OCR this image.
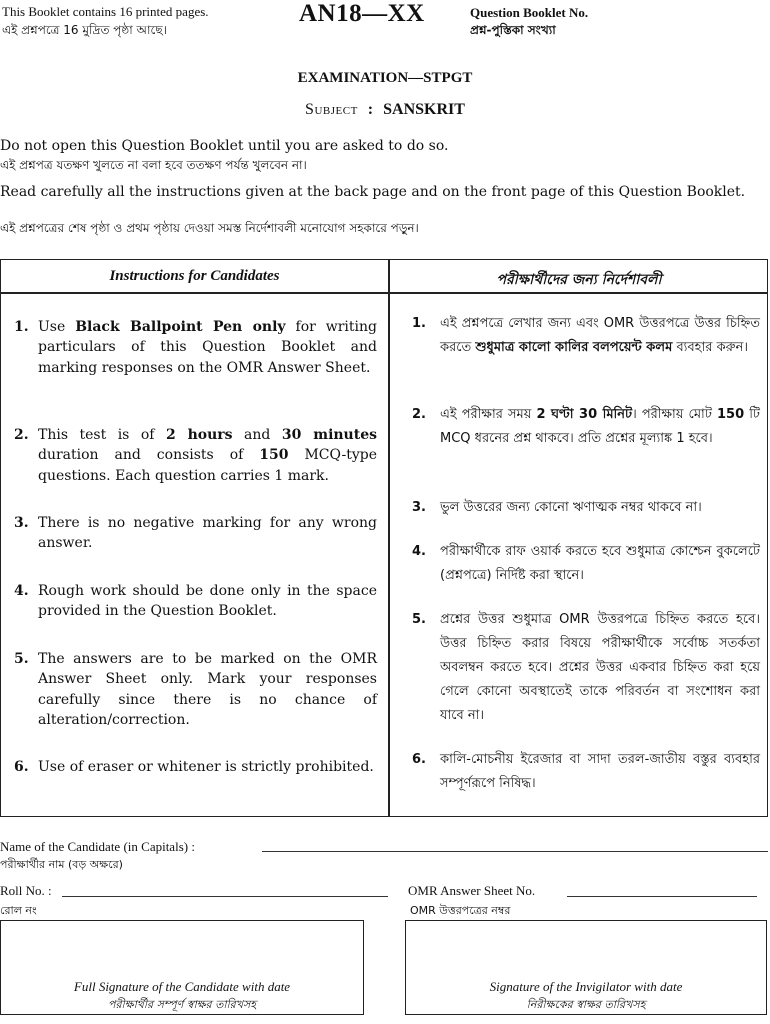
This Booklet contains 16 printed pages.
এই প্রশ্নপত্রে 16 মুদ্রিত পৃষ্ঠা আছে।
AN18—XX	Question Booklet No.
প্রশ্ন-পুস্তিকা সংখ্যা
EXAMINATION—STPGT
Subject : SANSKRIT
Do not open this Question Booklet until you are asked to do so.
এই প্রশ্নপত্র যতক্ষণ খুলতে না বলা হবে ততক্ষণ পর্যন্ত খুলবেন না।
Read carefully all the instructions given at the back page and on the front page of this Question Booklet.
এই প্রশ্নপত্রের শেষ পৃষ্ঠা ও প্রথম পৃষ্ঠায় দেওয়া সমস্ত নির্দেশাবলী মনোযোগ সহকারে পড়ুন।
Instructions for Candidates	পরীক্ষার্থীদের জন্য নির্দেশাবলী
1. Use Black Ballpoint Pen only for writing particulars of this Question Booklet and marking responses on the OMR Answer Sheet.
2. This test is of 2 hours and 30 minutes duration and consists of 150 MCQ-type questions. Each question carries 1 mark.
3. There is no negative marking for any wrong answer.
4. Rough work should be done only in the space provided in the Question Booklet.
5. The answers are to be marked on the OMR Answer Sheet only. Mark your responses carefully since there is no chance of alteration/correction.
6. Use of eraser or whitener is strictly prohibited.
1. এই প্রশ্নপত্রে লেখার জন্য এবং OMR উত্তরপত্রে উত্তর চিহ্নিত করতে শুধুমাত্র কালো কালির বলপয়েন্ট কলম ব্যবহার করুন।
2. এই পরীক্ষার সময় 2 ঘণ্টা 30 মিনিট। পরীক্ষায় মোট 150 টি MCQ ধরনের প্রশ্ন থাকবে। প্রতি প্রশ্নের মূল্যাঙ্ক 1 হবে।
3. ভুল উত্তরের জন্য কোনো ঋণাত্মক নম্বর থাকবে না।
4. পরীক্ষার্থীকে রাফ ওয়ার্ক করতে হবে শুধুমাত্র কোশ্চেন বুকলেটে (প্রশ্নপত্রে) নির্দিষ্ট করা স্থানে।
5. প্রশ্নের উত্তর শুধুমাত্র OMR উত্তরপত্রে চিহ্নিত করতে হবে। উত্তর চিহ্নিত করার বিষয়ে পরীক্ষার্থীকে সর্বোচ্চ সতর্কতা অবলম্বন করতে হবে। প্রশ্নের উত্তর একবার চিহ্নিত করা হয়ে গেলে কোনো অবস্থাতেই তাকে পরিবর্তন বা সংশোধন করা যাবে না।
6. কালি-মোচনীয় ইরেজার বা সাদা তরল-জাতীয় বস্তুর ব্যবহার সম্পূর্ণরূপে নিষিদ্ধ।
Name of the Candidate (in Capitals) :
পরীক্ষার্থীর নাম (বড় অক্ষরে)
Roll No. :
রোল নং
OMR Answer Sheet No.
OMR উত্তরপত্রের নম্বর
Full Signature of the Candidate with date
পরীক্ষার্থীর সম্পূর্ণ স্বাক্ষর তারিখসহ
Signature of the Invigilator with date
নিরীক্ষকের স্বাক্ষর তারিখসহ
